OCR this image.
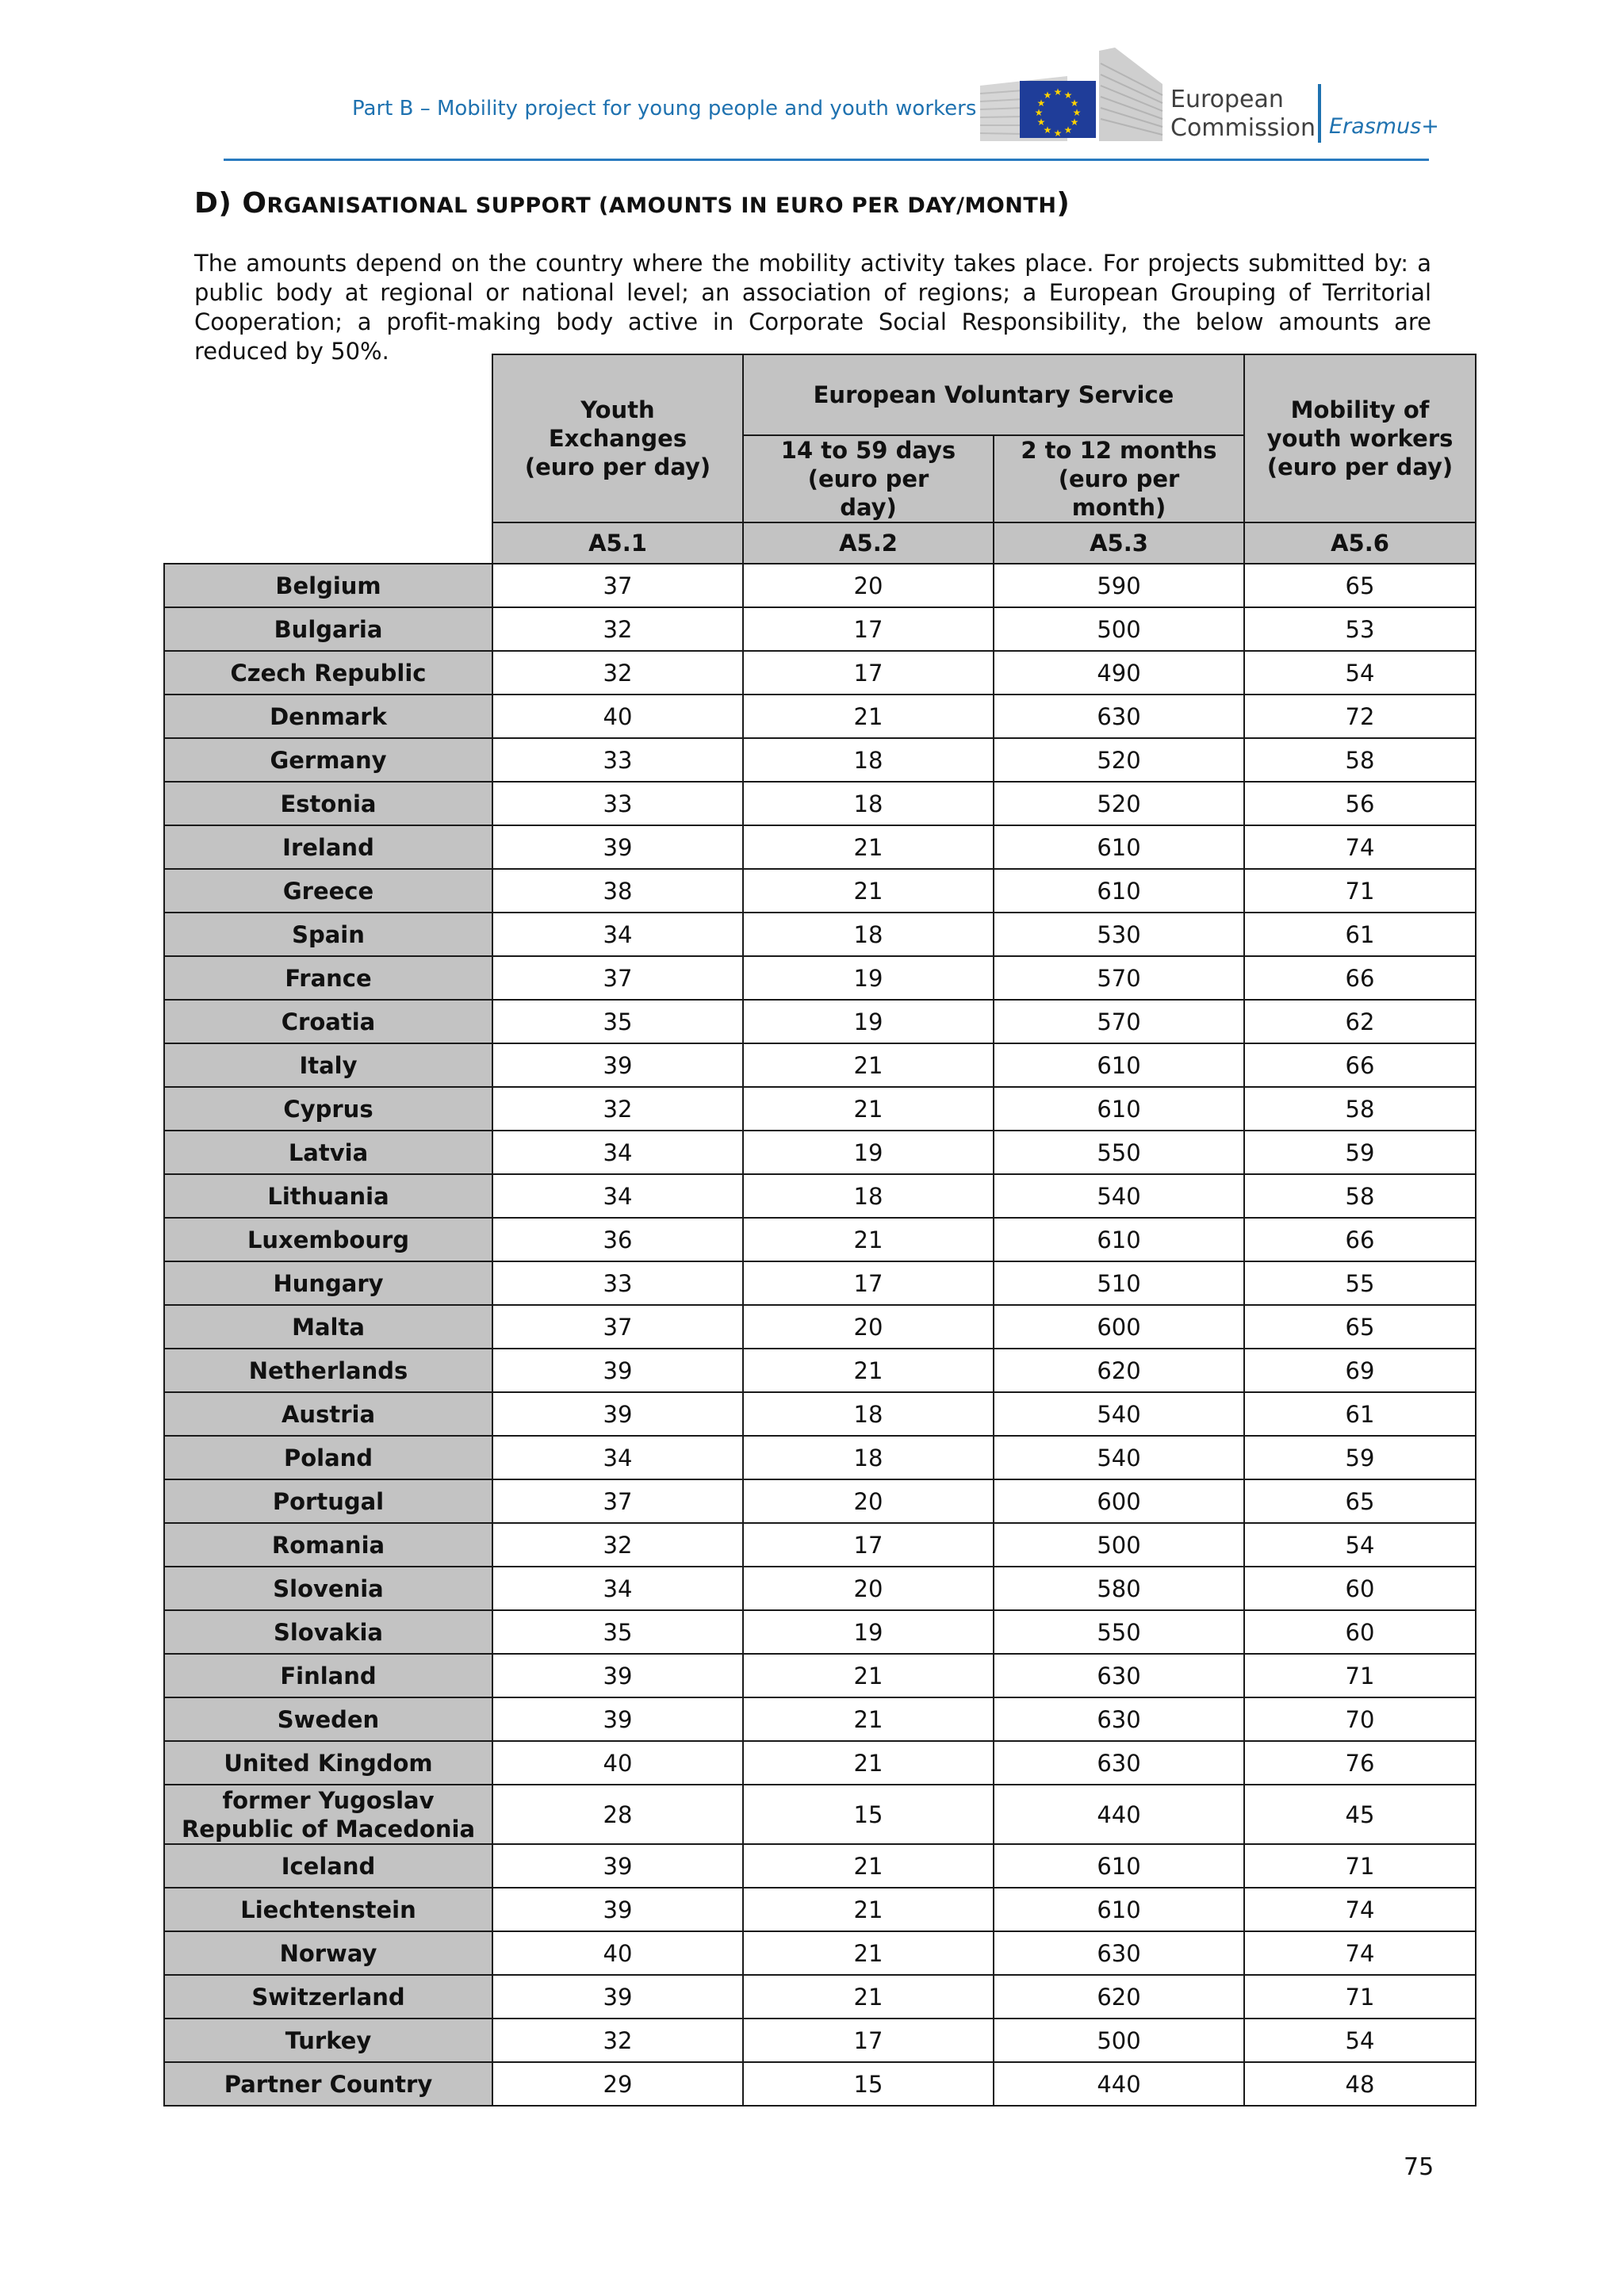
Part B – Mobility project for young people and youth workers
★ ★
★
★
★
★
★
★
★
★
★
★	European
Commission Erasmus+
D) ORGANISATIONAL SUPPORT (AMOUNTS IN EURO PER DAY/MONTH)
The amounts depend on the country where the mobility activity takes place. For projects submitted by: a public body at regional or national level; an association of regions; a European Grouping of Territorial Cooperation; a profit-making body active in Corporate Social Responsibility, the below amounts are reduced by 50%.
	Youth Exchanges (euro per day)	European Voluntary Service		Mobility of youth workers (euro per day)
		14 to 59 days (euro per day)	2 to 12 months (euro per month)	
	A5.1	A5.2	A5.3	A5.6
Belgium	37	20	590	65
Bulgaria	32	17	500	53
Czech Republic	32	17	490	54
Denmark	40	21	630	72
Germany	33	18	520	58
Estonia	33	18	520	56
Ireland	39	21	610	74
Greece	38	21	610	71
Spain	34	18	530	61
France	37	19	570	66
Croatia	35	19	570	62
Italy	39	21	610	66
Cyprus	32	21	610	58
Latvia	34	19	550	59
Lithuania	34	18	540	58
Luxembourg	36	21	610	66
Hungary	33	17	510	55
Malta	37	20	600	65
Netherlands	39	21	620	69
Austria	39	18	540	61
Poland	34	18	540	59
Portugal	37	20	600	65
Romania	32	17	500	54
Slovenia	34	20	580	60
Slovakia	35	19	550	60
Finland	39	21	630	71
Sweden	39	21	630	70
United Kingdom	40	21	630	76
former Yugoslav Republic of Macedonia	28	15	440	45
Iceland	39	21	610	71
Liechtenstein	39	21	610	74
Norway	40	21	630	74
Switzerland	39	21	620	71
Turkey	32	17	500	54
Partner Country	29	15	440	48
75
